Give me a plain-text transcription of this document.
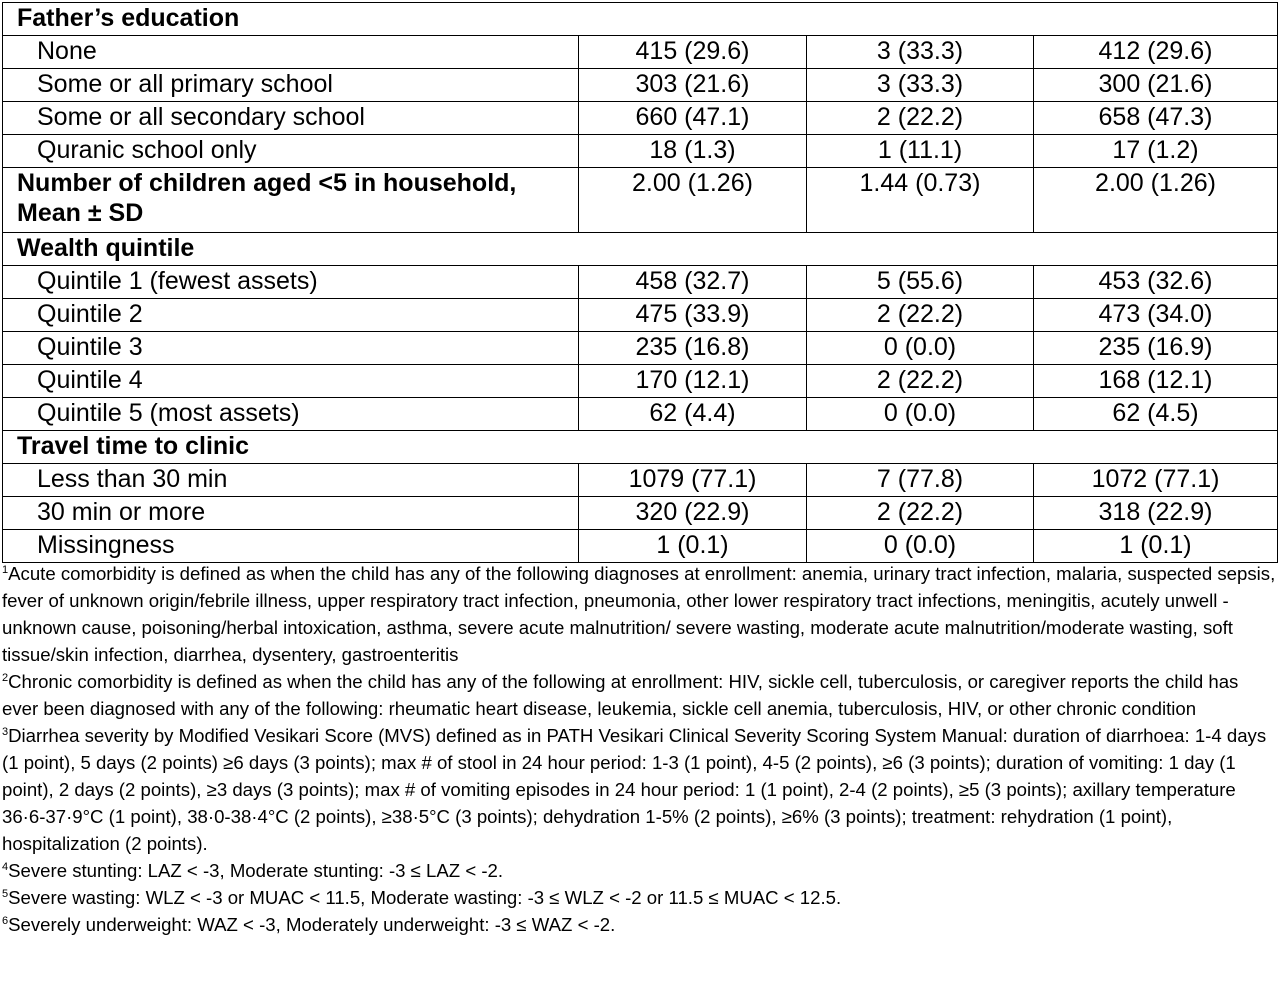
Father’s education			
None	415 (29.6)	3 (33.3)	412 (29.6)
Some or all primary school	303 (21.6)	3 (33.3)	300 (21.6)
Some or all secondary school	660 (47.1)	2 (22.2)	658 (47.3)
Quranic school only	18 (1.3)	1 (11.1)	17 (1.2)
Number of children aged <5 in household, Mean ± SD	2.00 (1.26)	1.44 (0.73)	2.00 (1.26)
Wealth quintile			
Quintile 1 (fewest assets)	458 (32.7)	5 (55.6)	453 (32.6)
Quintile 2	475 (33.9)	2 (22.2)	473 (34.0)
Quintile 3	235 (16.8)	0 (0.0)	235 (16.9)
Quintile 4	170 (12.1)	2 (22.2)	168 (12.1)
Quintile 5 (most assets)	62 (4.4)	0 (0.0)	62 (4.5)
Travel time to clinic			
Less than 30 min	1079 (77.1)	7 (77.8)	1072 (77.1)
30 min or more	320 (22.9)	2 (22.2)	318 (22.9)
Missingness	1 (0.1)	0 (0.0)	1 (0.1)

$^1$Acute comorbidity is defined as when the child has any of the following diagnoses at enrollment: anemia, urinary tract infection, malaria, suspected sepsis, fever of unknown origin/febrile illness, upper respiratory tract infection, pneumonia, other lower respiratory tract infections, meningitis, acutely unwell - unknown cause, poisoning/herbal intoxication, asthma, severe acute malnutrition/ severe wasting, moderate acute malnutrition/moderate wasting, soft tissue/skin infection, diarrhea, dysentery, gastroenteritis

$^2$Chronic comorbidity is defined as when the child has any of the following at enrollment: HIV, sickle cell, tuberculosis, or caregiver reports the child has ever been diagnosed with any of the following: rheumatic heart disease, leukemia, sickle cell anemia, tuberculosis, HIV, or other chronic condition

$^3$Diarrhea severity by Modified Vesikari Score (MVS) defined as in PATH Vesikari Clinical Severity Scoring System Manual: duration of diarrhoea: 1-4 days (1 point), 5 days (2 points) ≥6 days (3 points); max # of stool in 24 hour period: 1-3 (1 point), 4-5 (2 points), ≥6 (3 points); duration of vomiting: 1 day (1 point), 2 days (2 points), ≥3 days (3 points); max # of vomiting episodes in 24 hour period: 1 (1 point), 2-4 (2 points), ≥5 (3 points); axillary temperature 36·6-37·9°C (1 point), 38·0-38·4°C (2 points), ≥38·5°C (3 points); dehydration 1-5% (2 points), ≥6% (3 points); treatment: rehydration (1 point), hospitalization (2 points).

$^4$Severe stunting: LAZ < -3, Moderate stunting: -3 ≤ LAZ < -2.

$^5$Severe wasting: WLZ < -3 or MUAC < 11.5, Moderate wasting: -3 ≤ WLZ < -2 or 11.5 ≤ MUAC < 12.5.

$^6$Severely underweight: WAZ < -3, Moderately underweight: -3 ≤ WAZ < -2.
